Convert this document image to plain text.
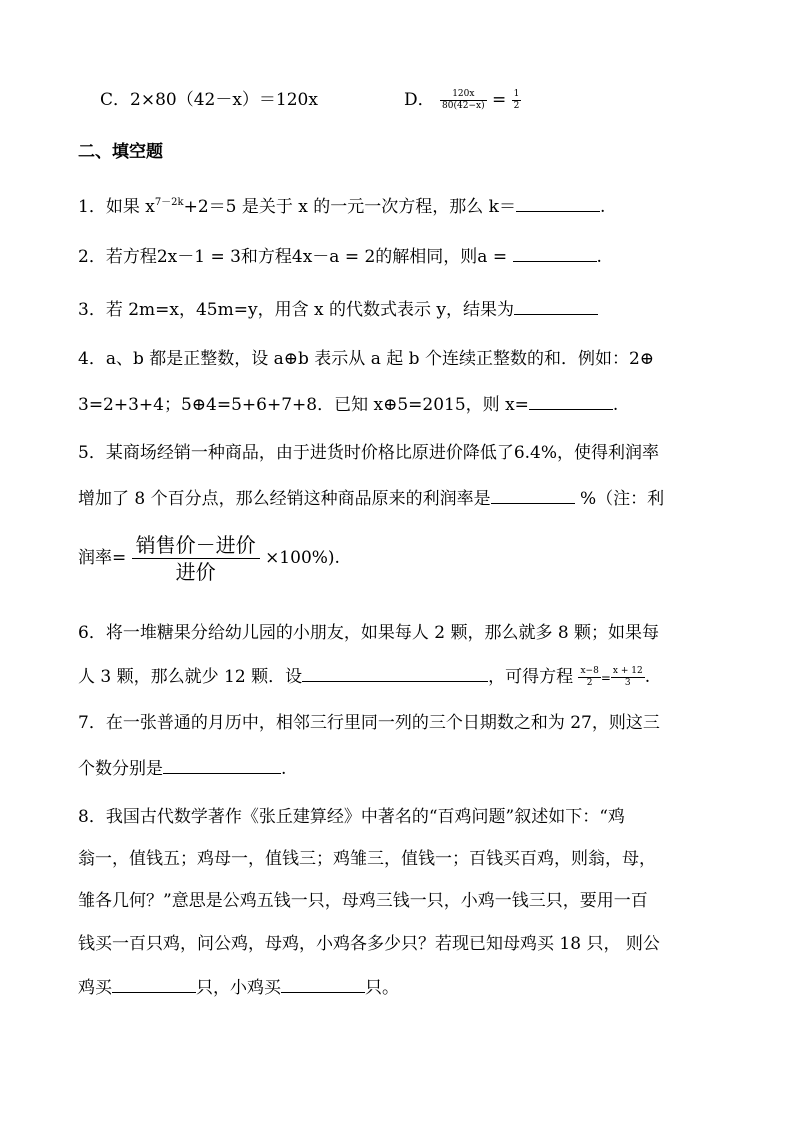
C．2×80（42－x）＝120x	D． $\frac{120x}{80(42-x)} = \frac{1}{2}$
二、填空题
1．如果 $x^{7-2k}+2=5$ 是关于 x 的一元一次方程，那么 k＝	.
2．若方程2x－1 = 3和方程4x－a = 2的解相同，则a =	.
3．若 2m=x，45m=y，用含 x 的代数式表示 y，结果为
4．a、b 都是正整数，设 a⊕b 表示从 a 起 b 个连续正整数的和．例如：2⊕
3=2+3+4；5⊕4=5+6+7+8．已知 x⊕5=2015，则 x=	.
5．某商场经销一种商品，由于进货时价格比原进价降低了6.4%，使得利润率
增加了 8 个百分点，那么经销这种商品原来的利润率是	%（注：利
润率= $\frac{\text{销售价－进价}}{\text{进价}} \times 100\%$).
6．将一堆糖果分给幼儿园的小朋友，如果每人 2 颗，那么就多 8 颗；如果每
人 3 颗，那么就少 12 颗．设	，可得方程 $\frac{x-8}{2} = \frac{x + 12}{3}$ .
7．在一张普通的月历中，相邻三行里同一列的三个日期数之和为 27，则这三
个数分别是	.
8．我国古代数学著作《张丘建算经》中著名的“百鸡问题”叙述如下：“鸡
翁一，值钱五；鸡母一，值钱三；鸡雏三，值钱一；百钱买百鸡，则翁，母，
雏各几何？”意思是公鸡五钱一只，母鸡三钱一只，小鸡一钱三只，要用一百
钱买一百只鸡，问公鸡，母鸡，小鸡各多少只？若现已知母鸡买 18 只， 则公
鸡买	只，小鸡买	只。
